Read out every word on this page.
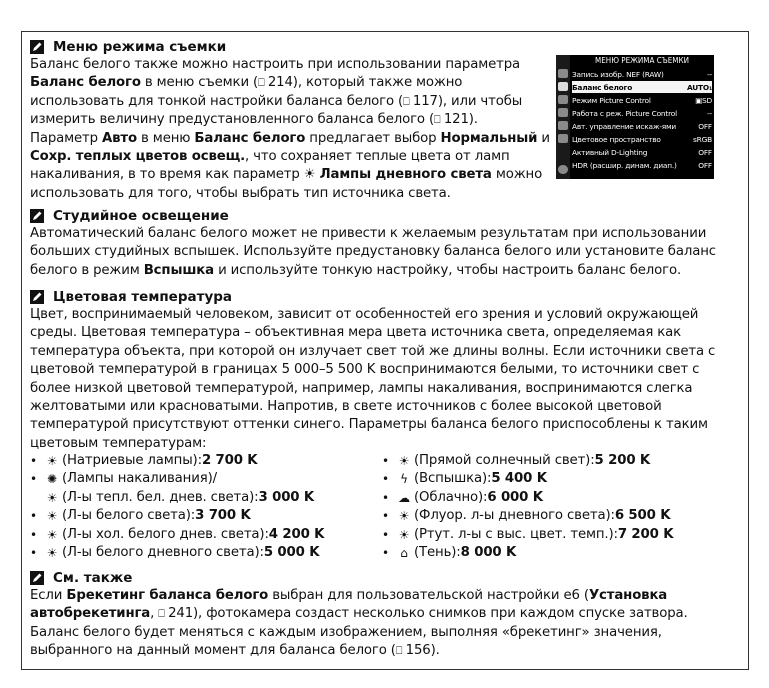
Меню режима съемки
Баланс белого также можно настроить при использовании параметра Баланс белого в меню съемки (⎕ 214), который также можно использовать для тонкой настройки баланса белого (⎕ 117), или чтобы измерить величину предустановленного баланса белого (⎕ 121).
Параметр Авто в меню Баланс белого предлагает выбор Нормальный и Сохр. теплых цветов освещ., что сохраняет теплые цвета от ламп накаливания, в то время как параметр ☀ Лампы дневного света можно использовать для того, чтобы выбрать тип источника света.
МЕНЮ РЕЖИМА СЪЕМКИ
Запись изобр. NEF (RAW)	--
Баланс белого	AUTO₁
Режим Picture Control	▣SD
Работа с реж. Picture Control	--
Авт. управление искаж-ями	OFF
Цветовое пространство	sRGB
Активный D-Lighting	OFF
HDR (расшир. динам. диап.)	OFF
Студийное освещение
Автоматический баланс белого может не привести к желаемым результатам при использовании
больших студийных вспышек. Используйте предустановку баланса белого или установите баланс
белого в режим Вспышка и используйте тонкую настройку, чтобы настроить баланс белого.
Цветовая температура
Цвет, воспринимаемый человеком, зависит от особенностей его зрения и условий окружающей
среды. Цветовая температура – объективная мера цвета источника света, определяемая как
температура объекта, при которой он излучает свет той же длины волны. Если источники света с
цветовой температурой в границах 5 000–5 500 K воспринимаются белыми, то источники свет с
более низкой цветовой температурой, например, лампы накаливания, воспринимаются слегка
желтоватыми или красноватыми. Напротив, в свете источников с более высокой цветовой
температурой присутствуют оттенки синего. Параметры баланса белого приспособлены к таким
цветовым температурам:
• ☀ (Натриевые лампы): 2 700 K
• ✺ (Лампы накаливания)/
☀ (Л-ы тепл. бел. днев. света): 3 000 K
• ☀ (Л-ы белого света): 3 700 K
• ☀ (Л-ы хол. белого днев. света): 4 200 K
• ☀ (Л-ы белого дневного света): 5 000 K
• ☀ (Прямой солнечный свет): 5 200 K
• ϟ (Вспышка): 5 400 K
• ☁ (Облачно): 6 000 K
• ☀ (Флуор. л-ы дневного света): 6 500 K
• ☀ (Ртут. л-ы с выс. цвет. темп.): 7 200 K
• ⌂ (Тень): 8 000 K
См. также
Если Брекетинг баланса белого выбран для пользовательской настройки e6 (Установка
автобрекетинга, ⎕ 241), фотокамера создаст несколько снимков при каждом спуске затвора.
Баланс белого будет меняться с каждым изображением, выполняя «брекетинг» значения,
выбранного на данный момент для баланса белого (⎕ 156).
